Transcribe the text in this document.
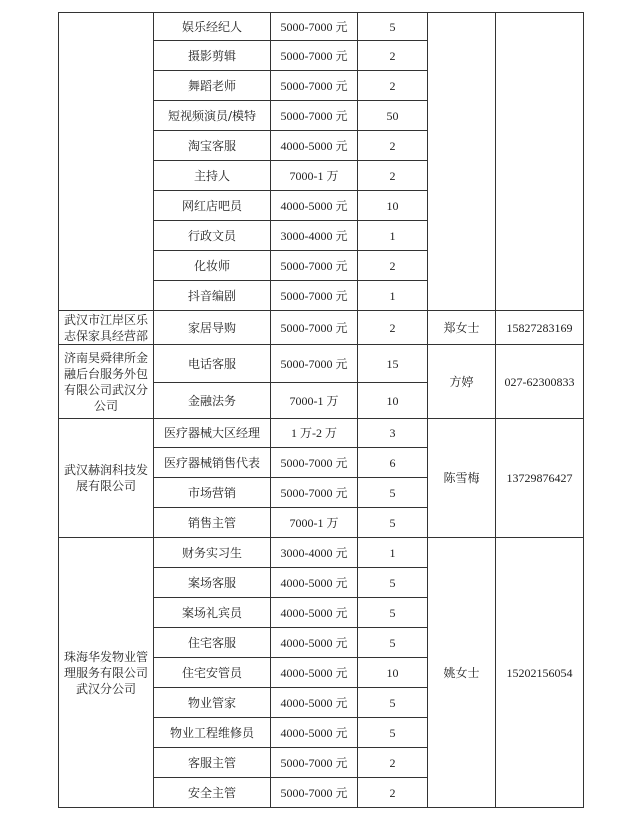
	娱乐经纪人	5000-7000 元	5		
	摄影剪辑	5000-7000 元	2		
	舞蹈老师	5000-7000 元	2		
	短视频演员/模特	5000-7000 元	50		
	淘宝客服	4000-5000 元	2		
	主持人	7000-1 万	2		
	网红店吧员	4000-5000 元	10		
	行政文员	3000-4000 元	1		
	化妆师	5000-7000 元	2		
	抖音编剧	5000-7000 元	1		
武汉市江岸区乐志保家具经营部	家居导购	5000-7000 元	2	郑女士	15827283169
济南昊舜律所金融后台服务外包有限公司武汉分公司	电话客服	5000-7000 元	15	方婷	027-62300833
	金融法务	7000-1 万	10		
武汉赫润科技发展有限公司	医疗器械大区经理	1 万-2 万	3	陈雪梅	13729876427
	医疗器械销售代表	5000-7000 元	6		
	市场营销	5000-7000 元	5		
	销售主管	7000-1 万	5		
珠海华发物业管理服务有限公司武汉分公司	财务实习生	3000-4000 元	1	姚女士	15202156054
	案场客服	4000-5000 元	5		
	案场礼宾员	4000-5000 元	5		
	住宅客服	4000-5000 元	5		
	住宅安管员	4000-5000 元	10		
	物业管家	4000-5000 元	5		
	物业工程维修员	4000-5000 元	5		
	客服主管	5000-7000 元	2		
	安全主管	5000-7000 元	2		
